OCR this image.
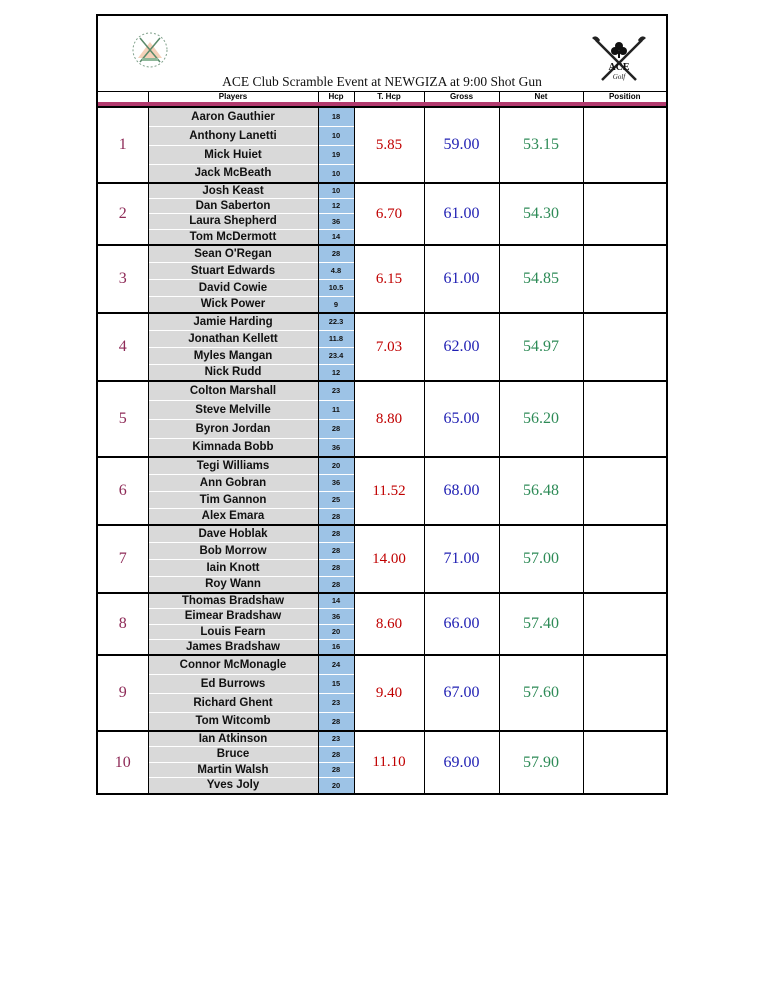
ACE
Golf
ACE Club Scramble Event at NEWGIZA at 9:00 Shot Gun
	Players	Hcp	T. Hcp	Gross	Net	Position

1	Aaron Gauthier	18	5.85	59.00	53.15	
	Anthony Lanetti	10				
	Mick Huiet	19				
	Jack McBeath	10				
2	Josh Keast	10	6.70	61.00	54.30	
	Dan Saberton	12				
	Laura Shepherd	36				
	Tom McDermott	14				
3	Sean O'Regan	28	6.15	61.00	54.85	
	Stuart Edwards	4.8				
	David Cowie	10.5				
	Wick Power	9				
4	Jamie Harding	22.3	7.03	62.00	54.97	
	Jonathan Kellett	11.8				
	Myles Mangan	23.4				
	Nick Rudd	12				
5	Colton Marshall	23	8.80	65.00	56.20	
	Steve Melville	11				
	Byron Jordan	28				
	Kimnada Bobb	36				
6	Tegi Williams	20	11.52	68.00	56.48	
	Ann Gobran	36				
	Tim Gannon	25				
	Alex Emara	28				
7	Dave Hoblak	28	14.00	71.00	57.00	
	Bob Morrow	28				
	Iain Knott	28				
	Roy Wann	28				
8	Thomas Bradshaw	14	8.60	66.00	57.40	
	Eimear Bradshaw	36				
	Louis Fearn	20				
	James Bradshaw	16				
9	Connor McMonagle	24	9.40	67.00	57.60	
	Ed Burrows	15				
	Richard Ghent	23				
	Tom Witcomb	28				
10	Ian Atkinson	23	11.10	69.00	57.90	
	Bruce	28				
	Martin Walsh	28				
	Yves Joly	20				
